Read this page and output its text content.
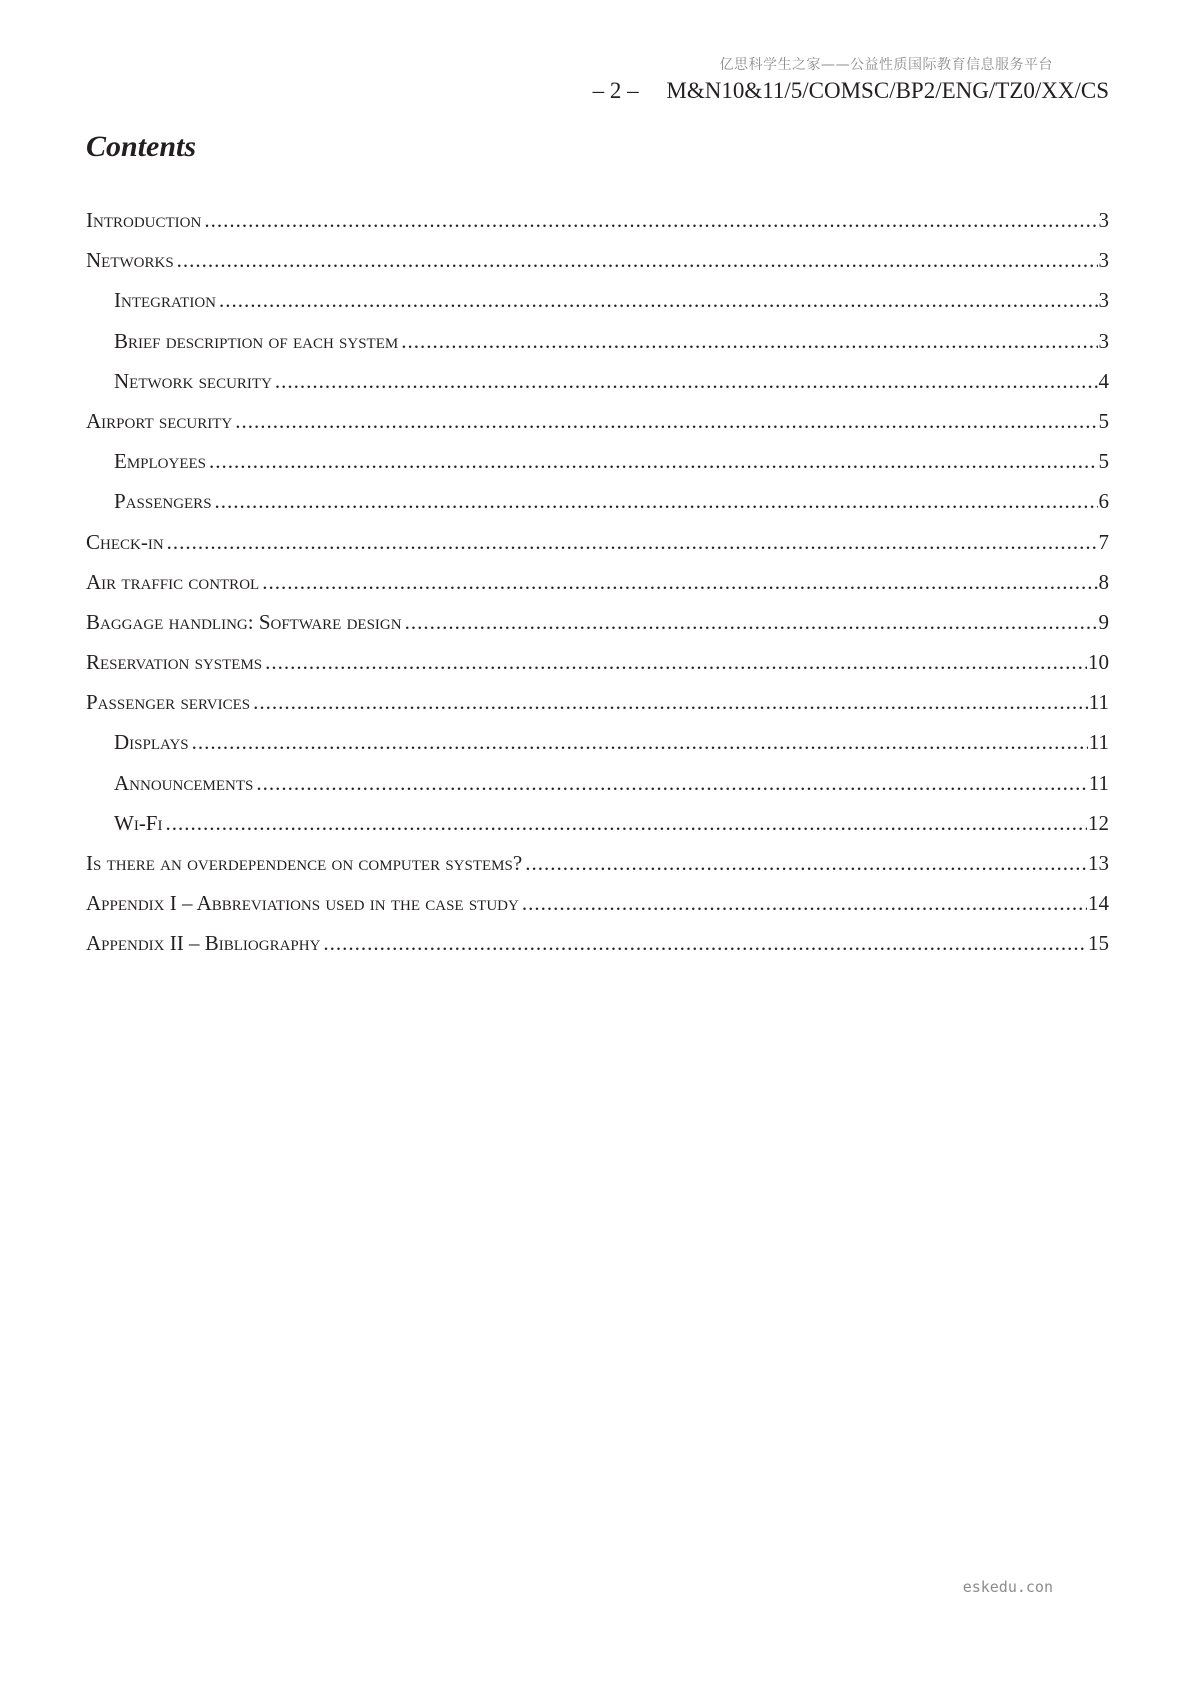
亿思科学生之家——公益性质国际教育信息服务平台
– 2 – M&N10&11/5/COMSC/BP2/ENG/TZ0/XX/CS
Contents
Introduction .....	3
Networks .....	3
Integration .....	3
Brief description of each system .....	3
Network security .....	4
Airport security .....	5
Employees .....	5
Passengers .....	6
Check-in .....	7
Air traffic control .....	8
Baggage handling: Software design .....	9
Reservation systems .....	10
Passenger services .....	11
Displays .....	11
Announcements .....	11
Wi-Fi .....	12
Is there an overdependence on computer systems? .....	13
Appendix I – Abbreviations used in the case study .....	14
Appendix II – Bibliography .....	15
eskedu.con
